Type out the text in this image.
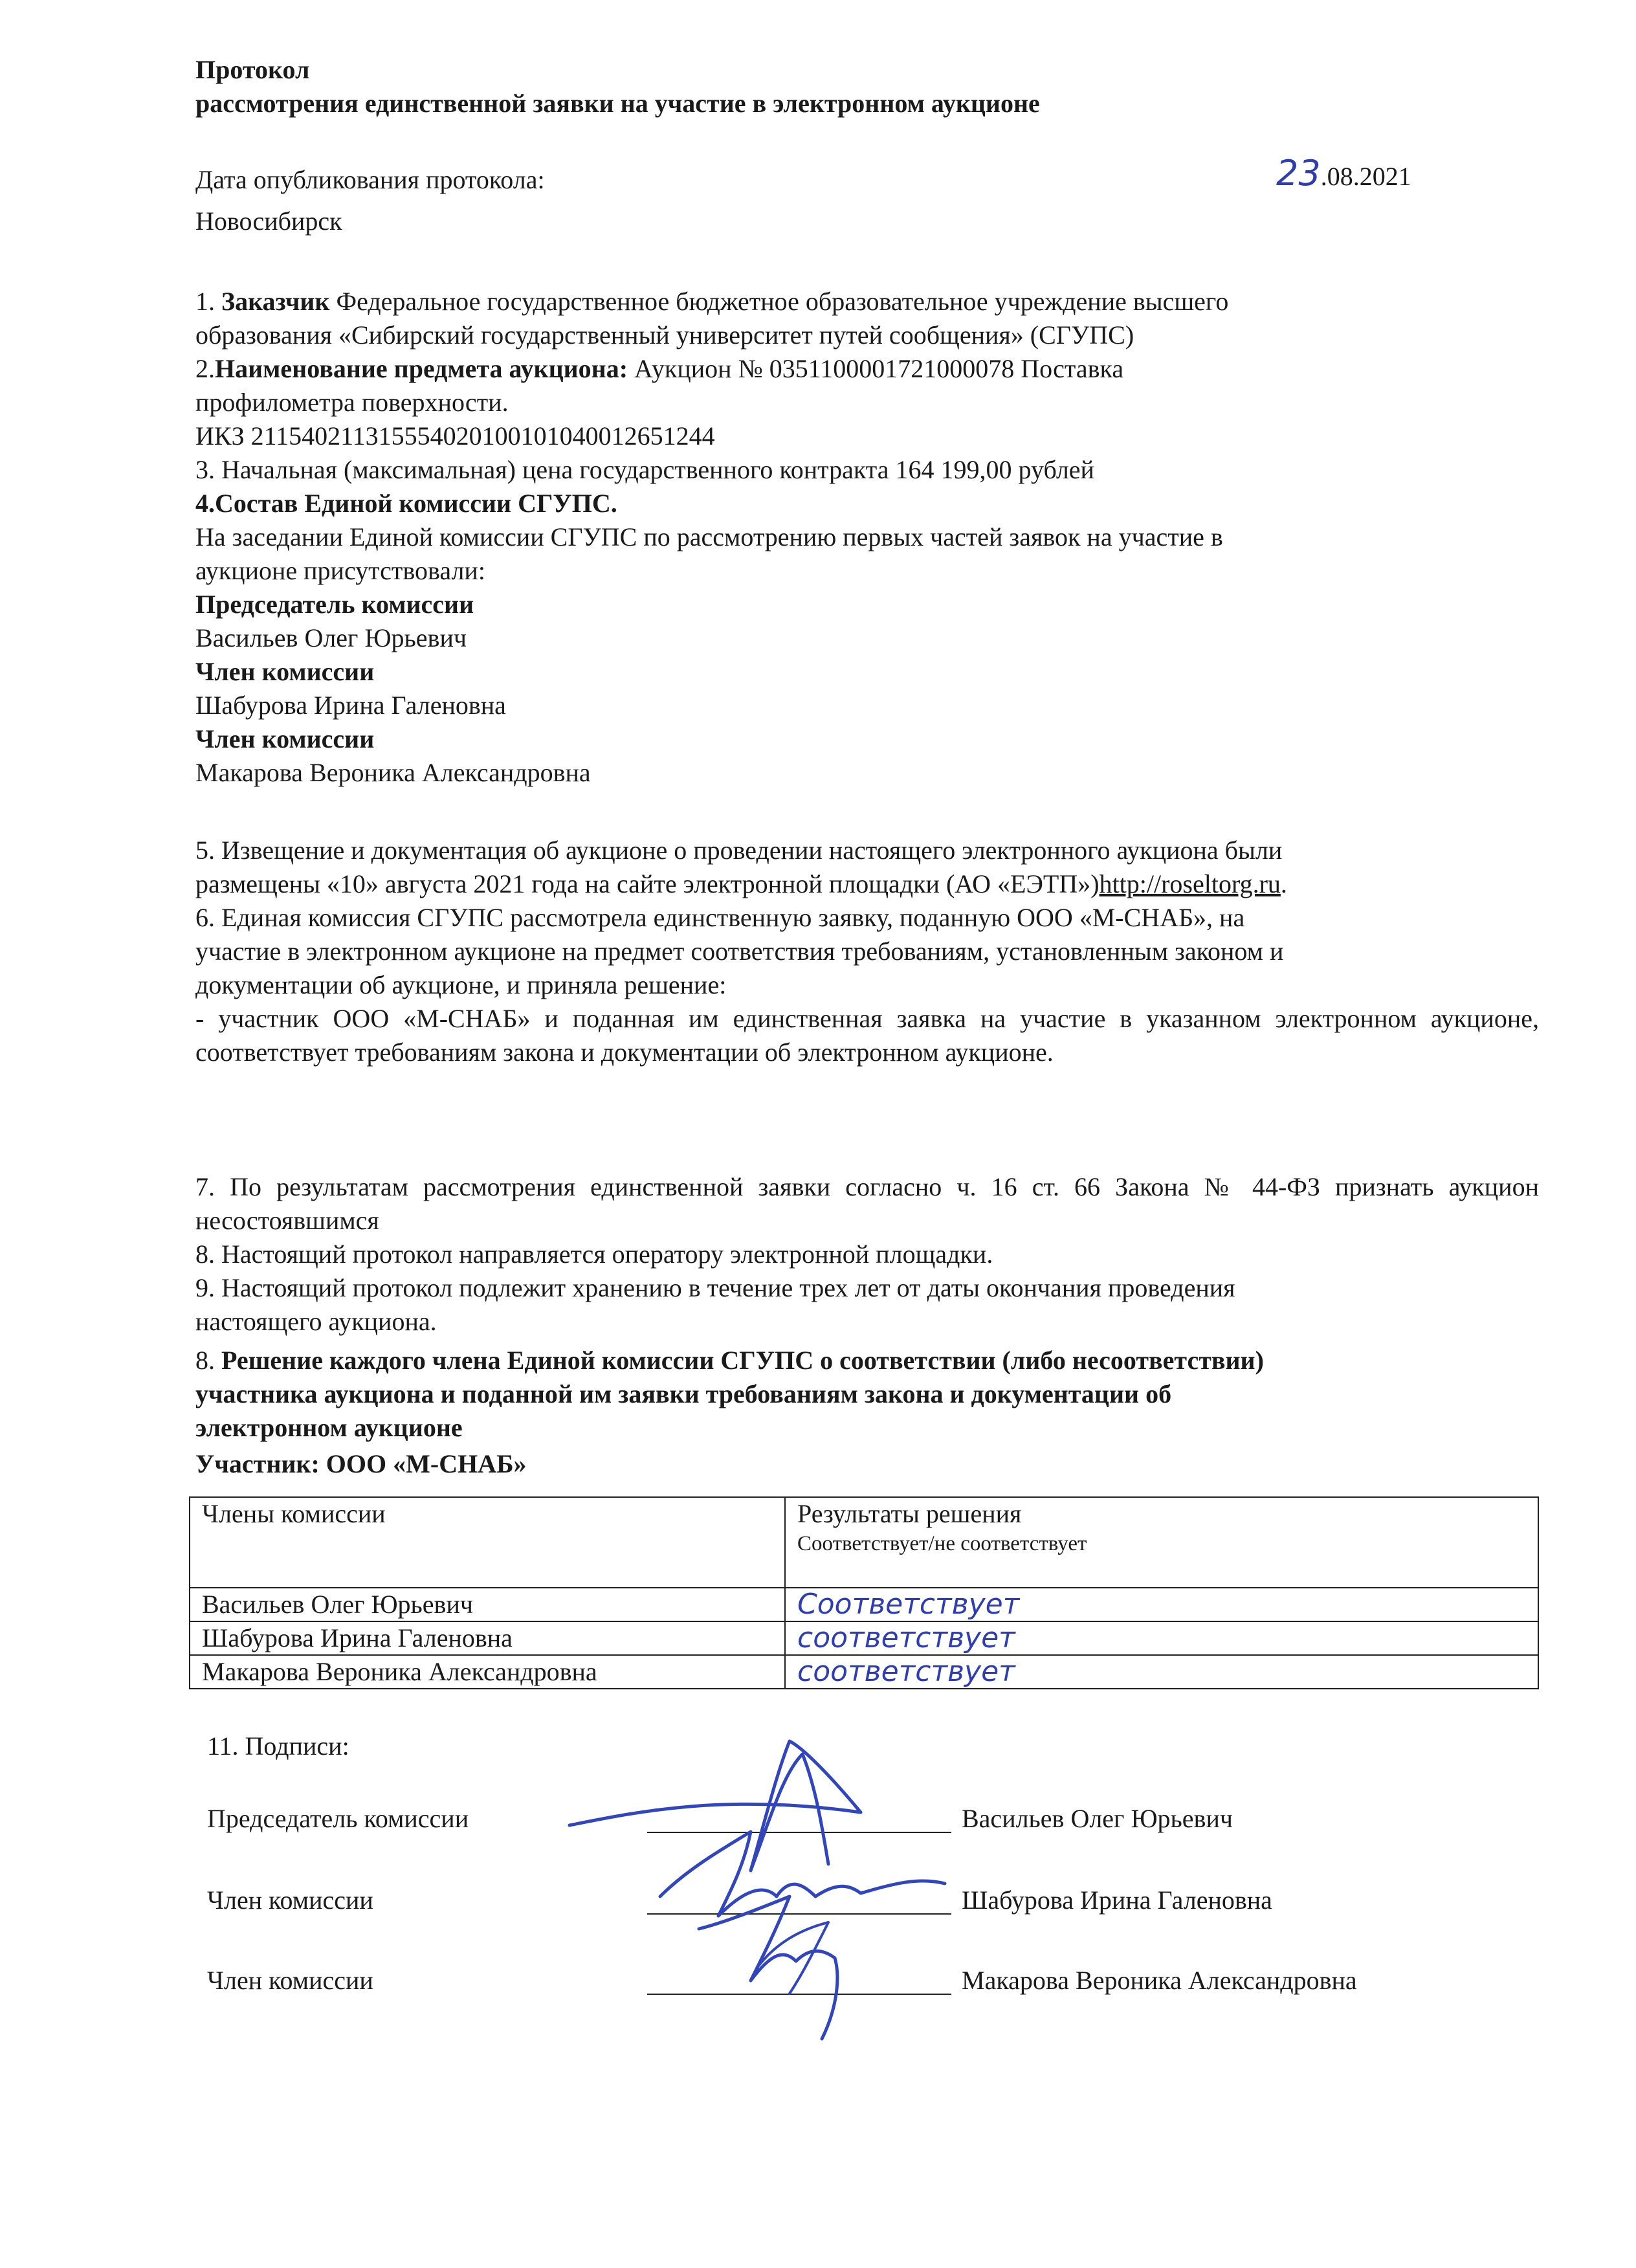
Протокол
рассмотрения единственной заявки на участие в электронном аукционе
Дата опубликования протокола:	23.08.2021
Новосибирск
1. Заказчик Федеральное государственное бюджетное образовательное учреждение высшего
образования «Сибирский государственный университет путей сообщения» (СГУПС)
2.Наименование предмета аукциона: Аукцион № 0351100001721000078 Поставка
профилометра поверхности.
ИКЗ 211540211315554020100101040012651244
3. Начальная (максимальная) цена государственного контракта 164 199,00 рублей
4.Состав Единой комиссии СГУПС.
На заседании Единой комиссии СГУПС по рассмотрению первых частей заявок на участие в
аукционе присутствовали:
Председатель комиссии
Васильев Олег Юрьевич
Член комиссии
Шабурова Ирина Галеновна
Член комиссии
Макарова Вероника Александровна
5. Извещение и документация об аукционе о проведении настоящего электронного аукциона были
размещены «10» августа 2021 года на сайте электронной площадки (АО «ЕЭТП»)http://roseltorg.ru.
6. Единая комиссия СГУПС рассмотрела единственную заявку, поданную ООО «М-СНАБ», на
участие в электронном аукционе на предмет соответствия требованиям, установленным законом и
документации об аукционе, и приняла решение:
- участник ООО «М-СНАБ» и поданная им единственная заявка на участие в указанном электронном аукционе, соответствует требованиям закона и документации об электронном аукционе.
7. По результатам рассмотрения единственной заявки согласно ч. 16 ст. 66 Закона № 44-ФЗ признать аукцион несостоявшимся
8. Настоящий протокол направляется оператору электронной площадки.
9. Настоящий протокол подлежит хранению в течение трех лет от даты окончания проведения
настоящего аукциона.
8. Решение каждого члена Единой комиссии СГУПС о соответствии (либо несоответствии)
участника аукциона и поданной им заявки требованиям закона и документации об
электронном аукционе
Участник: ООО «М-СНАБ»
Члены комиссии	Результаты решения
Соответствует/не соответствует

Васильев Олег Юрьевич	Соответствует
Шабурова Ирина Галеновна	соответствует
Макарова Вероника Александровна	соответствует
11. Подписи:
Председатель комиссии	Васильев Олег Юрьевич
Член комиссии	Шабурова Ирина Галеновна
Член комиссии	Макарова Вероника Александровна
